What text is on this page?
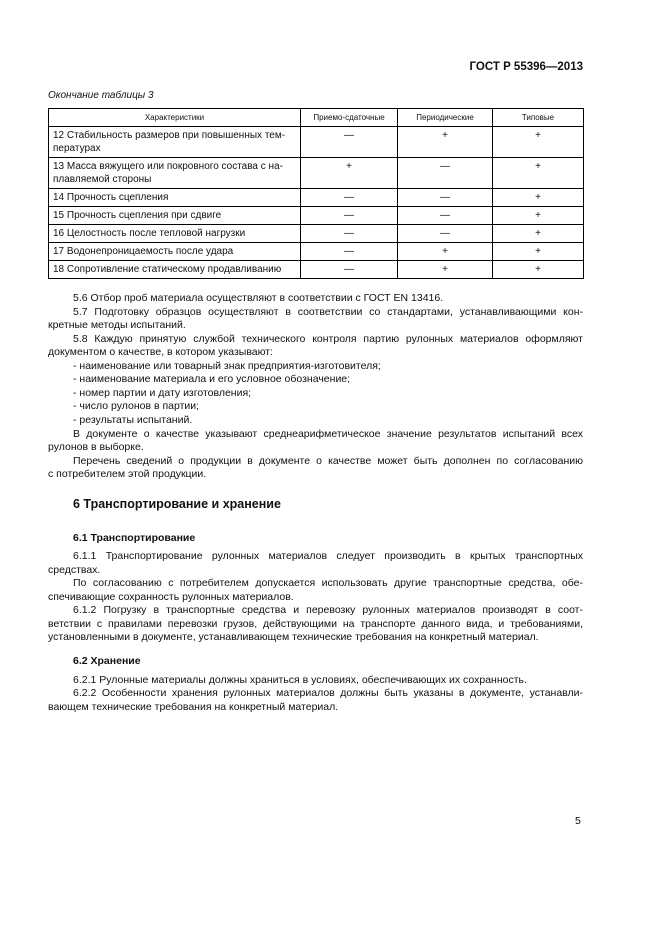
ГОСТ Р 55396—2013
Окончание таблицы 3
Характеристики	Приемо-сдаточные	Периодические	Типовые
12 Стабильность размеров при повышенных тем-
пературах	—	+	+
13 Масса вяжущего или покровного состава с на-
плавляемой стороны	+	—	+
14 Прочность сцепления	—	—	+
15 Прочность сцепления при сдвиге	—	—	+
16 Целостность после тепловой нагрузки	—	—	+
17 Водонепроницаемость после удара	—	+	+
18 Сопротивление статическому продавливанию	—	+	+
5.6 Отбор проб материала осуществляют в соответствии с ГОСТ EN 13416.
5.7 Подготовку образцов осуществляют в соответствии со стандартами, устанавливающими кон-
кретные методы испытаний.
5.8 Каждую принятую службой технического контроля партию рулонных материалов оформляют
документом о качестве, в котором указывают:
- наименование или товарный знак предприятия-изготовителя;
- наименование материала и его условное обозначение;
- номер партии и дату изготовления;
- число рулонов в партии;
- результаты испытаний.
В документе о качестве указывают среднеарифметическое значение результатов испытаний всех
рулонов в выборке.
Перечень сведений о продукции в документе о качестве может быть дополнен по согласованию
с потребителем этой продукции.
6 Транспортирование и хранение
6.1 Транспортирование
6.1.1 Транспортирование рулонных материалов следует производить в крытых транспортных
средствах.
По согласованию с потребителем допускается использовать другие транспортные средства, обе-
спечивающие сохранность рулонных материалов.
6.1.2 Погрузку в транспортные средства и перевозку рулонных материалов производят в соот-
ветствии с правилами перевозки грузов, действующими на транспорте данного вида, и требованиями,
установленными в документе, устанавливающем технические требования на конкретный материал.
6.2 Хранение
6.2.1 Рулонные материалы должны храниться в условиях, обеспечивающих их сохранность.
6.2.2 Особенности хранения рулонных материалов должны быть указаны в документе, устанавли-
вающем технические требования на конкретный материал.
5
